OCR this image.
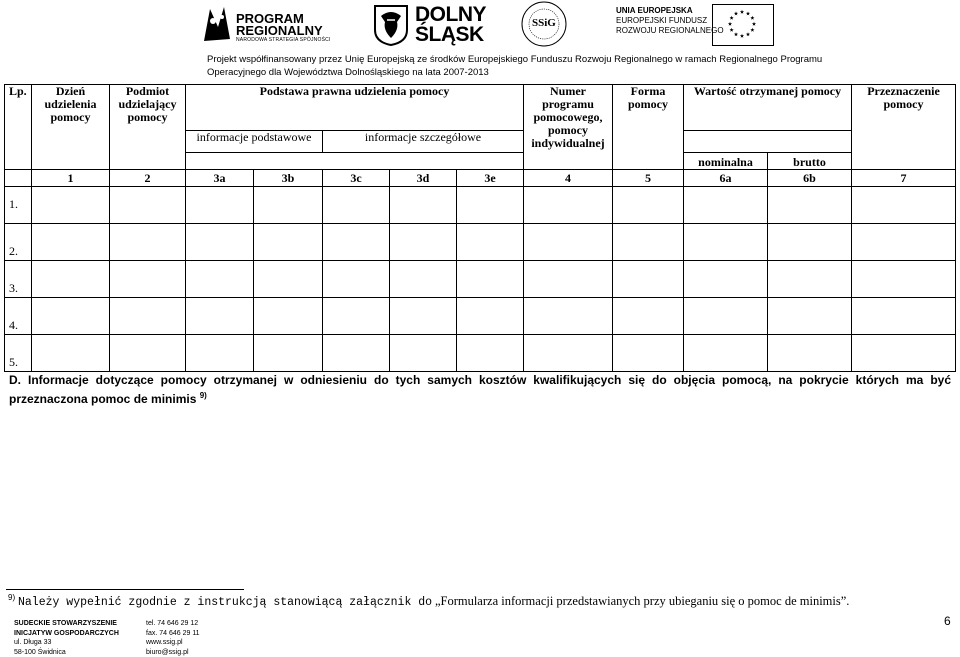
PROGRAM
REGIONALNY
NARODOWA STRATEGIA SPÓJNOŚCI
DOLNY
ŚLĄSK	SSiG
UNIA EUROPEJSKA
EUROPEJSKI FUNDUSZ
ROZWOJU REGIONALNEGO
Projekt współfinansowany przez Unię Europejską ze środków Europejskiego Funduszu Rozwoju Regionalnego w ramach Regionalnego Programu
Operacyjnego dla Województwa Dolnośląskiego na lata 2007-2013
Lp.	Dzień udzielenia pomocy	Podmiot udzielający pomocy	Podstawa prawna udzielenia pomocy					Numer programu pomocowego, pomocy indywidualnej	Forma pomocy	Wartość otrzymanej pomocy		Przeznaczenie pomocy
			informacje podstawowe		informacje szczegółowe							
										nominalna	brutto	
	1	2	3a	3b	3c	3d	3e	4	5	6a	6b	7
1.												
2.												
3.												
4.												
5.												
D. Informacje dotyczące pomocy otrzymanej w odniesieniu do tych samych kosztów kwalifikujących się do objęcia pomocą, na pokrycie których ma być przeznaczona pomoc de minimis $^{9)}$
$^{9)}$ Należy wypełnić zgodnie z instrukcją stanowiącą załącznik do „Formularza informacji przedstawianych przy ubieganiu się o pomoc de minimis”.
SUDECKIE STOWARZYSZENIE
INICJATYW GOSPODARCZYCH
ul. Długa 33
58-100 Świdnica
tel. 74 646 29 12
fax. 74 646 29 11
www.ssig.pl
biuro@ssig.pl
6
